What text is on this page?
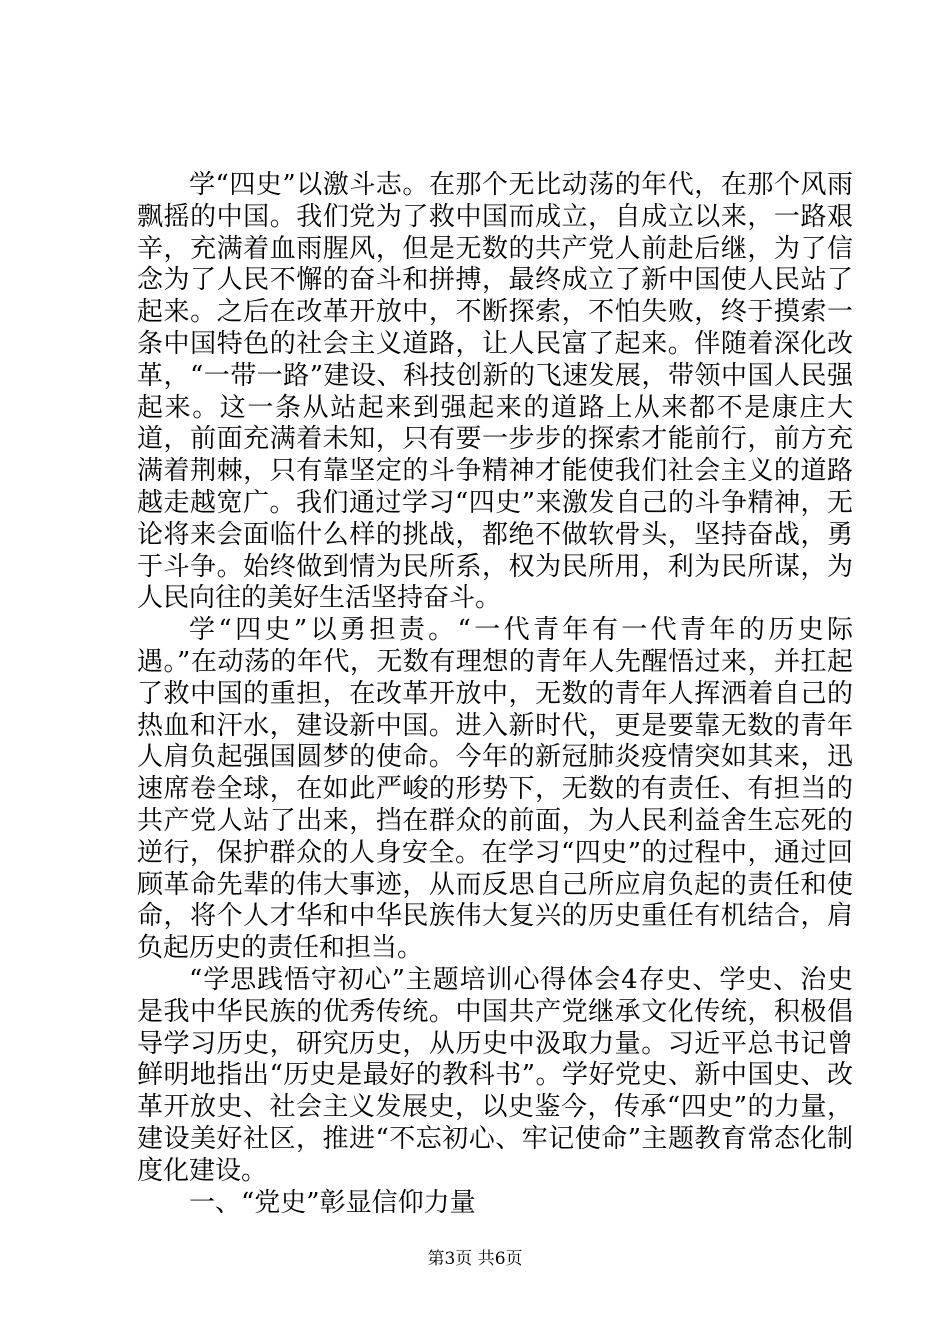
学“四史”以激斗志。在那个无比动荡的年代，在那个风雨飘摇的中国。我们党为了救中国而成立，自成立以来，一路艰辛，充满着血雨腥风，但是无数的共产党人前赴后继，为了信念为了人民不懈的奋斗和拼搏，最终成立了新中国使人民站了起来。之后在改革开放中，不断探索，不怕失败，终于摸索一条中国特色的社会主义道路，让人民富了起来。伴随着深化改革，“一带一路”建设、科技创新的飞速发展，带领中国人民强起来。这一条从站起来到强起来的道路上从来都不是康庄大道，前面充满着未知，只有要一步步的探索才能前行，前方充满着荆棘，只有靠坚定的斗争精神才能使我们社会主义的道路越走越宽广。我们通过学习“四史”来激发自己的斗争精神，无论将来会面临什么样的挑战，都绝不做软骨头，坚持奋战，勇于斗争。始终做到情为民所系，权为民所用，利为民所谋，为人民向往的美好生活坚持奋斗。

学“四史”以勇担责。“一代青年有一代青年的历史际遇。”在动荡的年代，无数有理想的青年人先醒悟过来，并扛起了救中国的重担，在改革开放中，无数的青年人挥洒着自己的热血和汗水，建设新中国。进入新时代，更是要靠无数的青年人肩负起强国圆梦的使命。今年的新冠肺炎疫情突如其来，迅速席卷全球，在如此严峻的形势下，无数的有责任、有担当的共产党人站了出来，挡在群众的前面，为人民利益舍生忘死的逆行，保护群众的人身安全。在学习“四史”的过程中，通过回顾革命先辈的伟大事迹，从而反思自己所应肩负起的责任和使命，将个人才华和中华民族伟大复兴的历史重任有机结合，肩负起历史的责任和担当。

“学思践悟守初心”主题培训心得体会4存史、学史、治史是我中华民族的优秀传统。中国共产党继承文化传统，积极倡导学习历史，研究历史，从历史中汲取力量。习近平总书记曾鲜明地指出“历史是最好的教科书”。学好党史、新中国史、改革开放史、社会主义发展史，以史鉴今，传承“四史”的力量，建设美好社区，推进“不忘初心、牢记使命”主题教育常态化制度化建设。

一、“党史”彰显信仰力量

第3页 共6页
